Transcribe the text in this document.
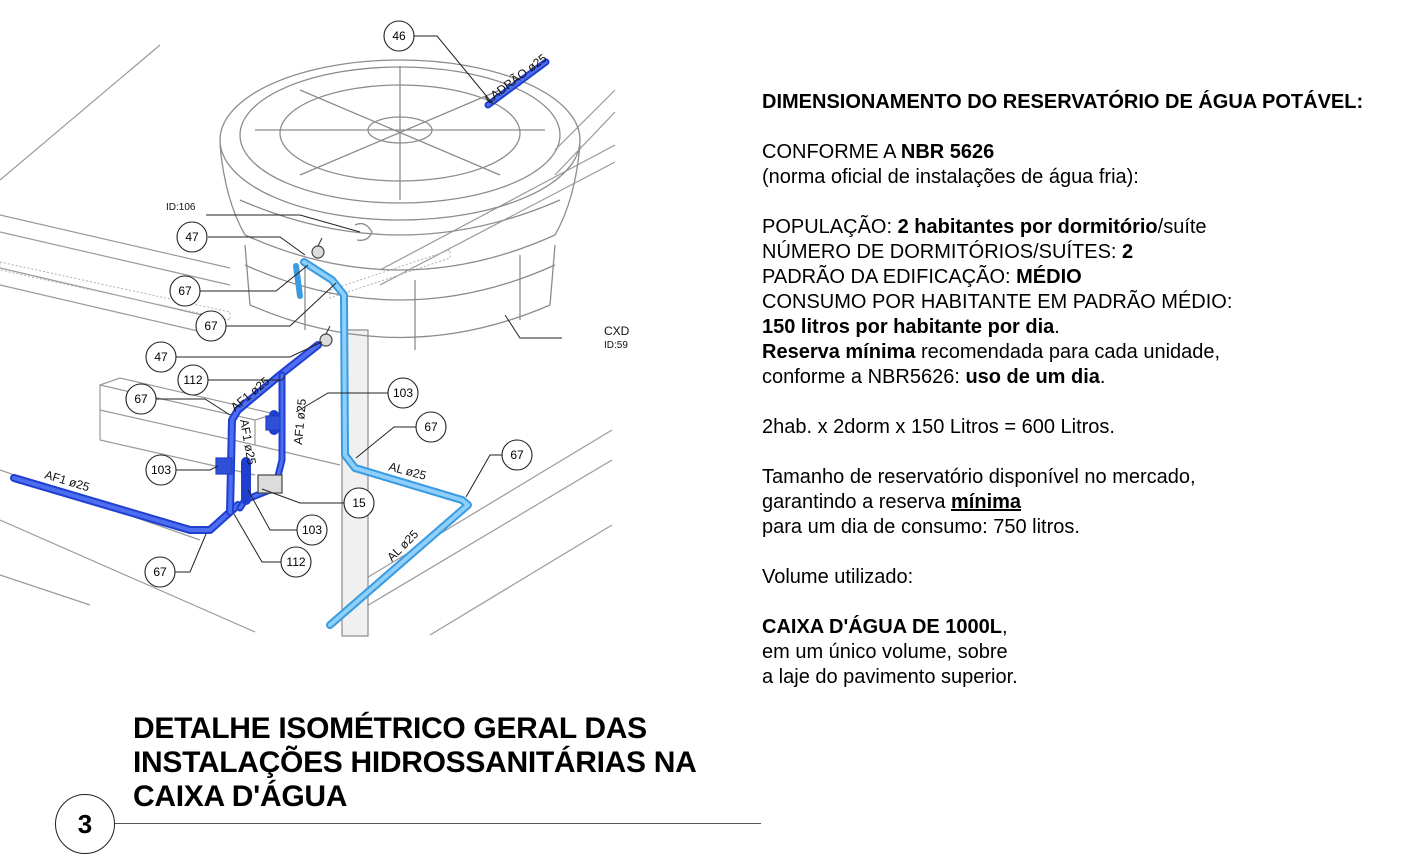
46
47
67
67
47
112
67	103
67
67
103
15
103
112
67
LADRÃO ø25
ID:106
CXD
ID:59
AF1 ø25
AF1 ø25	AF1 ø25
AF1 ø25	AL ø25
AL ø25
DIMENSIONAMENTO DO RESERVATÓRIO DE ÁGUA POTÁVEL:
CONFORME A NBR 5626
(norma oficial de instalações de água fria):
POPULAÇÃO: 2 habitantes por dormitório/suíte
NÚMERO DE DORMITÓRIOS/SUÍTES: 2
PADRÃO DA EDIFICAÇÃO: MÉDIO
CONSUMO POR HABITANTE EM PADRÃO MÉDIO:
150 litros por habitante por dia.
Reserva mínima recomendada para cada unidade,
conforme a NBR5626: uso de um dia.
2hab. x 2dorm x 150 Litros = 600 Litros.
Tamanho de reservatório disponível no mercado,
garantindo a reserva mínima
para um dia de consumo: 750 litros.
Volume utilizado:
CAIXA D'ÁGUA DE 1000L,
em um único volume, sobre
a laje do pavimento superior.
DETALHE ISOMÉTRICO GERAL DAS
INSTALAÇÕES HIDROSSANITÁRIAS NA
CAIXA D'ÁGUA
3
